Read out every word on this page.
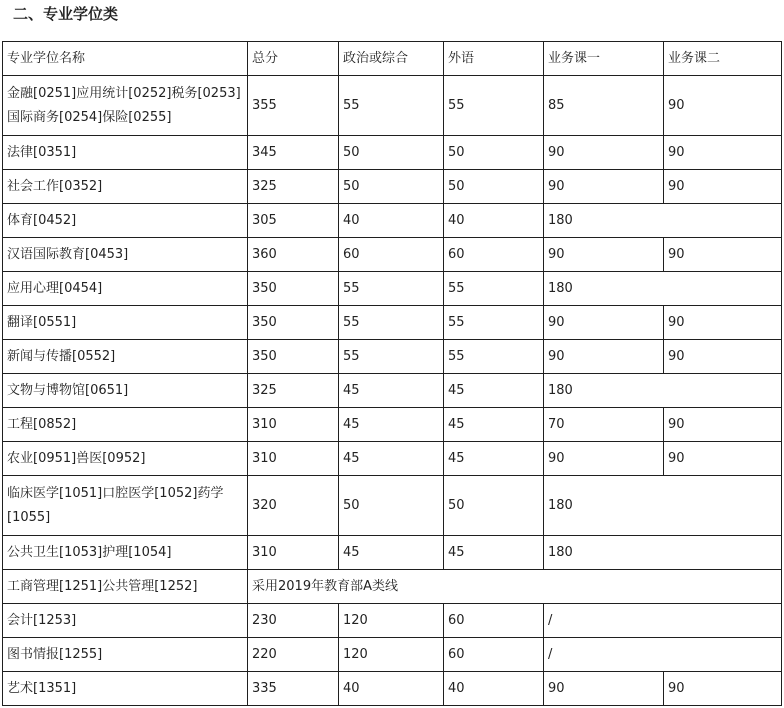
二、专业学位类
专业学位名称	总分	政治或综合	外语	业务课一	业务课二
金融[0251]应用统计[0252]税务[0253]国际商务[0254]保险[0255]	355	55	55	85	90
法律[0351]	345	50	50	90	90
社会工作[0352]	325	50	50	90	90
体育[0452]	305	40	40	180	
汉语国际教育[0453]	360	60	60	90	90
应用心理[0454]	350	55	55	180	
翻译[0551]	350	55	55	90	90
新闻与传播[0552]	350	55	55	90	90
文物与博物馆[0651]	325	45	45	180	
工程[0852]	310	45	45	70	90
农业[0951]兽医[0952]	310	45	45	90	90
临床医学[1051]口腔医学[1052]药学[1055]	320	50	50	180	
公共卫生[1053]护理[1054]	310	45	45	180	
工商管理[1251]公共管理[1252]	采用2019年教育部A类线				
会计[1253]	230	120	60	/	
图书情报[1255]	220	120	60	/	
艺术[1351]	335	40	40	90	90
